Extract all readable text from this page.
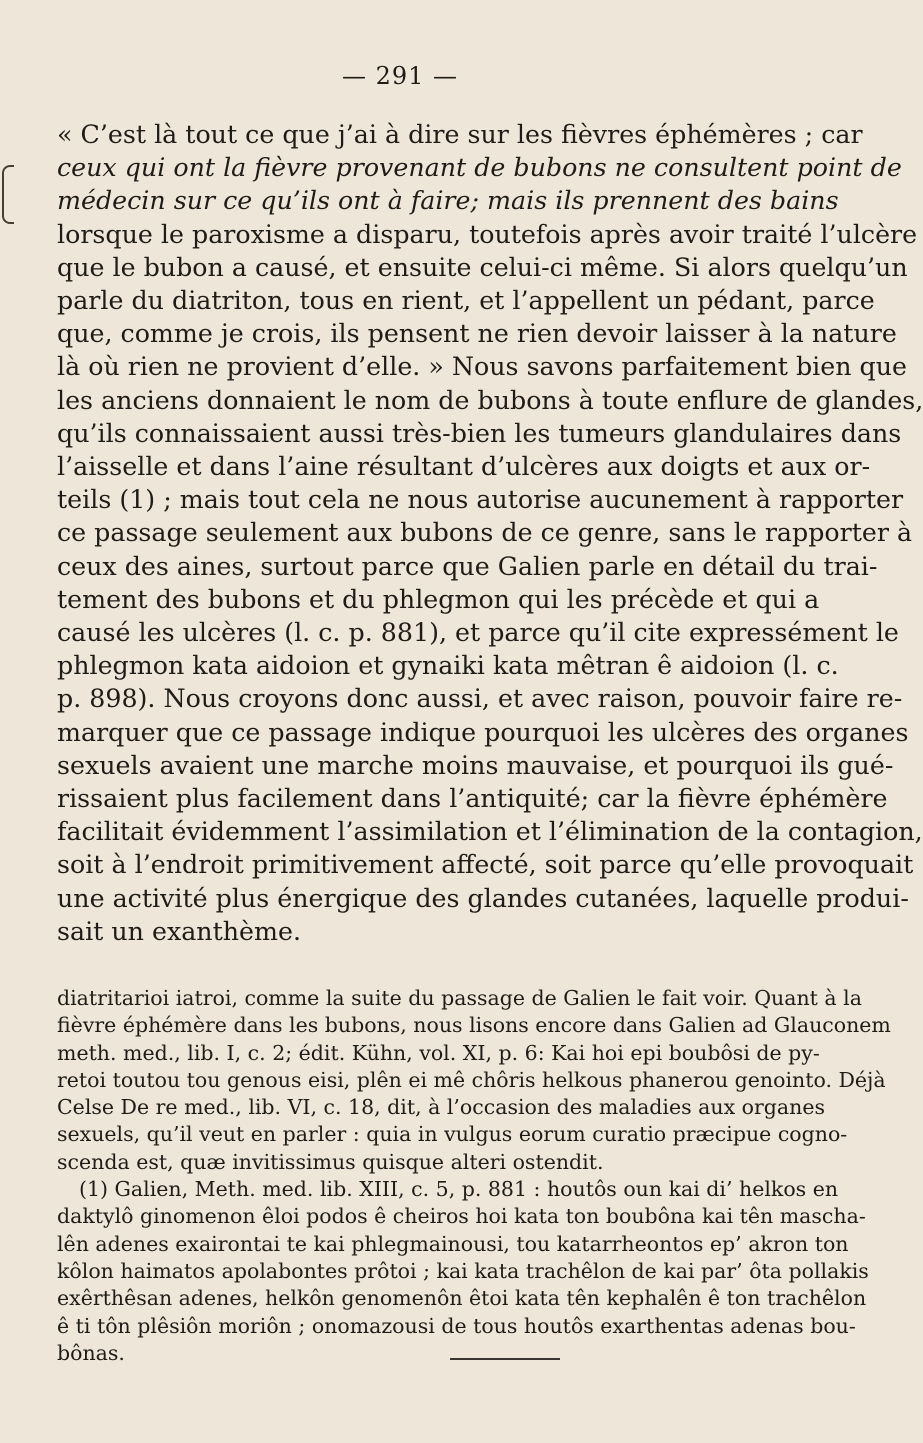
— 291 —
« C’est là tout ce que j’ai à dire sur les fièvres éphémères ; car
ceux qui ont la fièvre provenant de bubons ne consultent point de
médecin sur ce qu’ils ont à faire; mais ils prennent des bains
lorsque le paroxisme a disparu, toutefois après avoir traité l’ulcère
que le bubon a causé, et ensuite celui-ci même. Si alors quelqu’un
parle du diatriton, tous en rient, et l’appellent un pédant, parce
que, comme je crois, ils pensent ne rien devoir laisser à la nature
là où rien ne provient d’elle. » Nous savons parfaitement bien que
les anciens donnaient le nom de bubons à toute enflure de glandes,
qu’ils connaissaient aussi très-bien les tumeurs glandulaires dans
l’aisselle et dans l’aine résultant d’ulcères aux doigts et aux or-
teils (1) ; mais tout cela ne nous autorise aucunement à rapporter
ce passage seulement aux bubons de ce genre, sans le rapporter à
ceux des aines, surtout parce que Galien parle en détail du trai-
tement des bubons et du phlegmon qui les précède et qui a
causé les ulcères (l. c. p. 881), et parce qu’il cite expressément le
phlegmon kata aidoion et gynaiki kata mêtran ê aidoion (l. c.
p. 898). Nous croyons donc aussi, et avec raison, pouvoir faire re-
marquer que ce passage indique pourquoi les ulcères des organes
sexuels avaient une marche moins mauvaise, et pourquoi ils gué-
rissaient plus facilement dans l’antiquité; car la fièvre éphémère
facilitait évidemment l’assimilation et l’élimination de la contagion,
soit à l’endroit primitivement affecté, soit parce qu’elle provoquait
une activité plus énergique des glandes cutanées, laquelle produi-
sait un exanthème.
diatritarioi iatroi, comme la suite du passage de Galien le fait voir. Quant à la
fièvre éphémère dans les bubons, nous lisons encore dans Galien ad Glauconem
meth. med., lib. I, c. 2; édit. Kühn, vol. XI, p. 6: Kai hoi epi boubôsi de py-
retoi toutou tou genous eisi, plên ei mê chôris helkous phanerou genointo. Déjà
Celse De re med., lib. VI, c. 18, dit, à l’occasion des maladies aux organes
sexuels, qu’il veut en parler : quia in vulgus eorum curatio præcipue cogno-
scenda est, quæ invitissimus quisque alteri ostendit.
(1) Galien, Meth. med. lib. XIII, c. 5, p. 881 : houtôs oun kai di’ helkos en
daktylô ginomenon êloi podos ê cheiros hoi kata ton boubôna kai tên mascha-
lên adenes exairontai te kai phlegmainousi, tou katarrheontos ep’ akron ton
kôlon haimatos apolabontes prôtoi ; kai kata trachêlon de kai par’ ôta pollakis
exêrthêsan adenes, helkôn genomenôn êtoi kata tên kephalên ê ton trachêlon
ê ti tôn plêsiôn moriôn ; onomazousi de tous houtôs exarthentas adenas bou-
bônas.
